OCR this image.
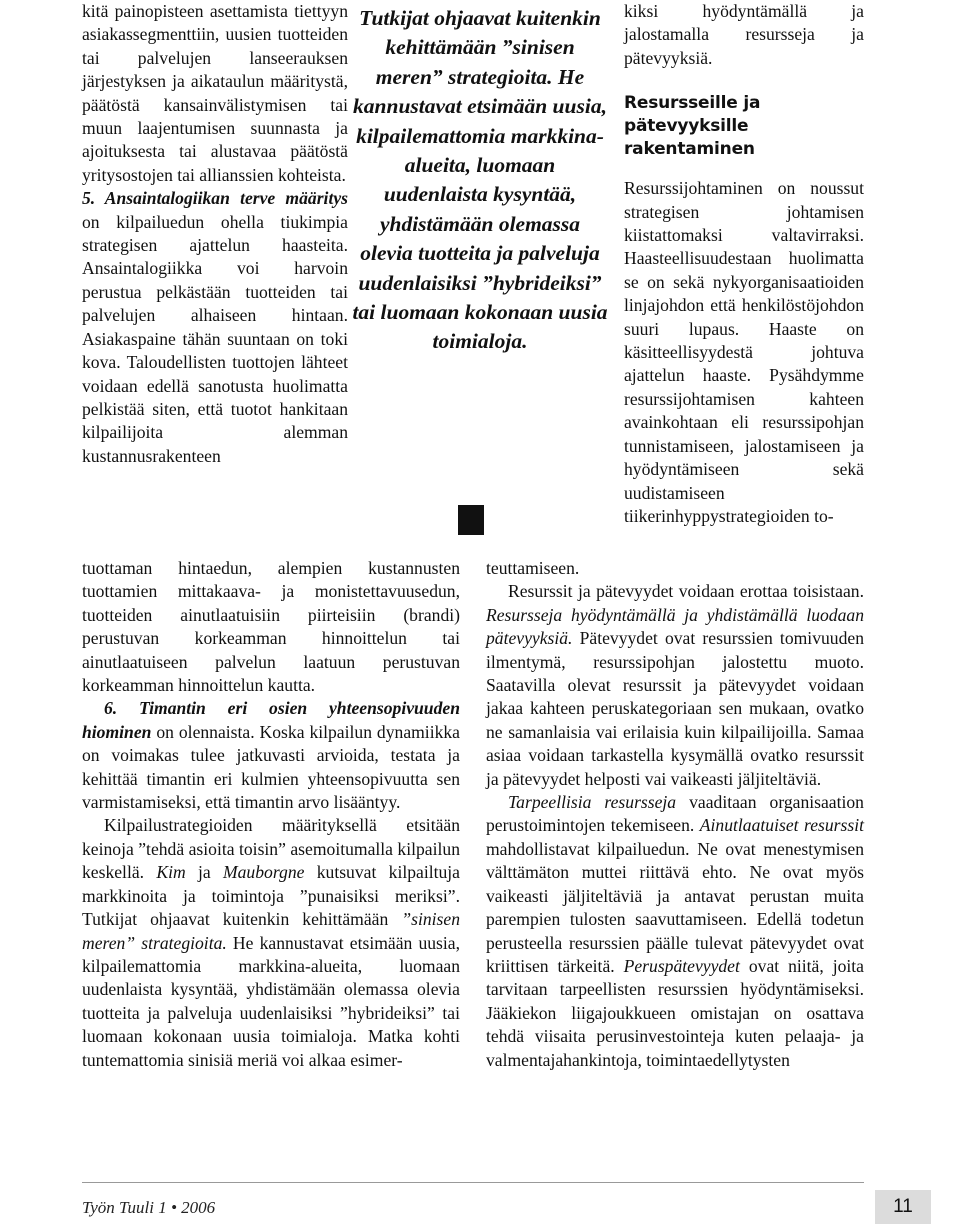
kitä painopisteen asettamista tiettyyn asiakassegmenttiin, uusien tuotteiden tai palvelujen lanseerauksen järjestyksen ja aikataulun määritystä, päätöstä kansainvälistymisen tai muun laajentumisen suunnasta ja ajoituksesta tai alustavaa päätöstä yritysostojen tai allianssien kohteista.

5. Ansaintalogiikan terve määritys on kilpailuedun ohella tiukimpia strategisen ajattelun haasteita. Ansaintalogiikka voi harvoin perustua pelkästään tuotteiden tai palvelujen alhaiseen hintaan. Asiakaspaine tähän suuntaan on toki kova. Taloudellisten tuottojen lähteet voidaan edellä sanotusta huolimatta pelkistää siten, että tuotot hankitaan kilpailijoita alemman kustannusrakenteen

tuottaman hintaedun, alempien kustannusten tuottamien mittakaava- ja monistettavuusedun, tuotteiden ainutlaatuisiin piirteisiin (brandi) perustuvan korkeamman hinnoittelun tai ainutlaatuiseen palvelun laatuun perustuvan korkeamman hinnoittelun kautta.

6. Timantin eri osien yhteensopivuuden hiominen on olennaista. Koska kilpailun dynamiikka on voimakas tulee jatkuvasti arvioida, testata ja kehittää timantin eri kulmien yhteensopivuutta sen varmistamiseksi, että timantin arvo lisääntyy.

Kilpailustrategioiden määrityksellä etsitään keinoja ”tehdä asioita toisin” asemoitumalla kilpailun keskellä. Kim ja Mauborgne kutsuvat kilpailtuja markkinoita ja toimintoja ”punaisiksi meriksi”. Tutkijat ohjaavat kuitenkin kehittämään ”sinisen meren” strategioita. He kannustavat etsimään uusia, kilpailemattomia markkina-alueita, luomaan uudenlaista kysyntää, yhdistämään olemassa olevia tuotteita ja palveluja uudenlaisiksi ”hybrideiksi” tai luomaan kokonaan uusia toimialoja. Matka kohti tuntemattomia sinisiä meriä voi alkaa esimer-

Tutkijat ohjaavat kuitenkin kehittämään ”sinisen meren” strategioita. He kannustavat etsimään uusia, kilpailemattomia markkina-alueita, luomaan uudenlaista kysyntää, yhdistämään olemassa olevia tuotteita ja palveluja uudenlaisiksi ”hybrideiksi” tai luomaan kokonaan uusia toimialoja.

kiksi hyödyntämällä ja jalostamalla resursseja ja pätevyyksiä.

Resursseille ja pätevyyksille rakentaminen

Resurssijohtaminen on noussut strategisen johtamisen kiistattomaksi valtavirraksi. Haasteellisuudestaan huolimatta se on sekä nykyorganisaatioiden linjajohdon että henkilöstöjohdon suuri lupaus. Haaste on käsitteellisyydestä johtuva ajattelun haaste. Pysähdymme resurssijohtamisen kahteen avainkohtaan eli resurssipohjan tunnistamiseen, jalostamiseen ja hyödyntämiseen sekä uudistamiseen tiikerinhyppystrategioiden to-

teuttamiseen.

Resurssit ja pätevyydet voidaan erottaa toisistaan. Resursseja hyödyntämällä ja yhdistämällä luodaan pätevyyksiä. Pätevyydet ovat resurssien tomivuuden ilmentymä, resurssipohjan jalostettu muoto. Saatavilla olevat resurssit ja pätevyydet voidaan jakaa kahteen peruskategoriaan sen mukaan, ovatko ne samanlaisia vai erilaisia kuin kilpailijoilla. Samaa asiaa voidaan tarkastella kysymällä ovatko resurssit ja pätevyydet helposti vai vaikeasti jäljiteltäviä.

Tarpeellisia resursseja vaaditaan organisaation perustoimintojen tekemiseen. Ainutlaatuiset resurssit mahdollistavat kilpailuedun. Ne ovat menestymisen välttämäton muttei riittävä ehto. Ne ovat myös vaikeasti jäljiteltäviä ja antavat perustan muita parempien tulosten saavuttamiseen. Edellä todetun perusteella resurssien päälle tulevat pätevyydet ovat kriittisen tärkeitä. Peruspätevyydet ovat niitä, joita tarvitaan tarpeellisten resurssien hyödyntämiseksi. Jääkiekon liigajoukkueen omistajan on osattava tehdä viisaita perusinvestointeja kuten pelaaja- ja valmentajahankintoja, toimintaedellytysten

Työn Tuuli 1 • 2006	11
